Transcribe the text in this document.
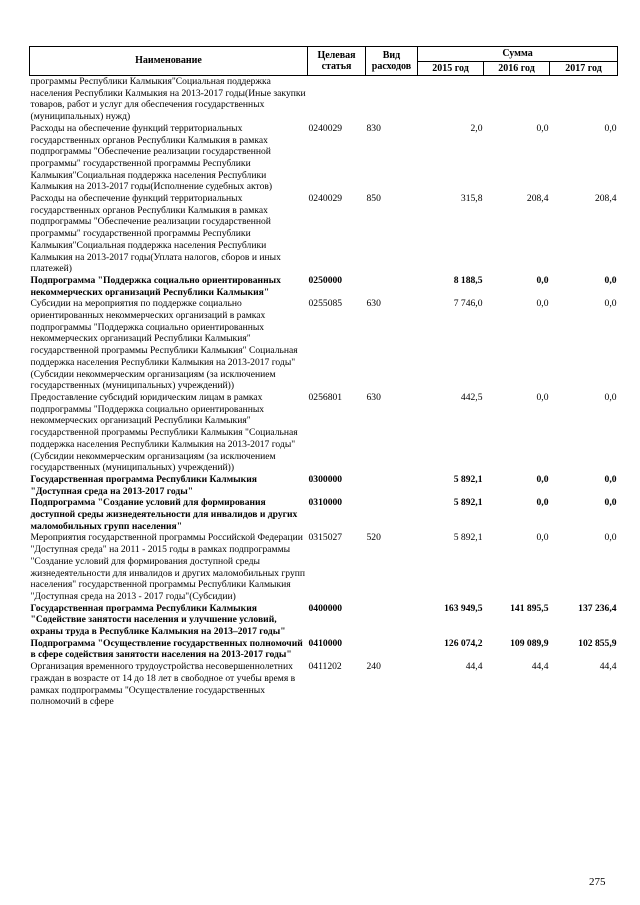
Наименование	Целевая статья	Вид расходов	Сумма		
			2015 год	2016 год	2017 год
программы Республики Калмыкия"Социальная поддержка населения Республики Калмыкия на 2013-2017 годы(Иные закупки товаров, работ и услуг для обеспечения государственных (муниципальных) нужд)					
Расходы на обеспечение функций территориальных государственных органов Республики Калмыкия в рамках подпрограммы "Обеспечение реализации государственной программы" государственной программы Республики Калмыкия"Социальная поддержка населения Республики Калмыкия на 2013-2017 годы(Исполнение судебных актов)	0240029	830	2,0	0,0	0,0
Расходы на обеспечение функций территориальных государственных органов Республики Калмыкия в рамках подпрограммы "Обеспечение реализации государственной программы" государственной программы Республики Калмыкия"Социальная поддержка населения Республики Калмыкия на 2013-2017 годы(Уплата налогов, сборов и иных платежей)	0240029	850	315,8	208,4	208,4
Подпрограмма "Поддержка социально ориентированных некоммерческих организаций Республики Калмыкия"	0250000		8 188,5	0,0	0,0
Субсидии на мероприятия по поддержке социально ориентированных некоммерческих организаций в рамках подпрограммы "Поддержка социально ориентированных некоммерческих организаций Республики Калмыкия" государственной программы Республики Калмыкия" Социальная поддержка населения Республики Калмыкия на 2013-2017 годы"(Субсидии некоммерческим организациям (за исключением государственных (муниципальных) учреждений))	0255085	630	7 746,0	0,0	0,0
Предоставление субсидий юридическим лицам в рамках подпрограммы "Поддержка социально ориентированных некоммерческих организаций Республики Калмыкия" государственной программы Республики Калмыкия "Социальная поддержка населения Республики Калмыкия на 2013-2017 годы"(Субсидии некоммерческим организациям (за исключением государственных (муниципальных) учреждений))	0256801	630	442,5	0,0	0,0
Государственная программа Республики Калмыкия "Доступная среда на 2013-2017 годы"	0300000		5 892,1	0,0	0,0
Подпрограмма "Создание условий для формирования доступной среды жизнедеятельности для инвалидов и других маломобильных групп населения"	0310000		5 892,1	0,0	0,0
Мероприятия государственной программы Российской Федерации "Доступная среда" на 2011 - 2015 годы в рамках подпрограммы "Создание условий для формирования доступной среды жизнедеятельности для инвалидов и других маломобильных групп населения" государственной программы Республики Калмыкия "Доступная среда на 2013 - 2017 годы"(Субсидии)	0315027	520	5 892,1	0,0	0,0
Государственная программа Республики Калмыкия "Содействие занятости населения и улучшение условий, охраны труда в Республике Калмыкия на 2013–2017 годы"	0400000		163 949,5	141 895,5	137 236,4
Подпрограмма "Осуществление государственных полномочий в сфере содействия занятости населения на 2013-2017 годы"	0410000		126 074,2	109 089,9	102 855,9
Организация временного трудоустройства несовершеннолетних граждан в возрасте от 14 до 18 лет в свободное от учебы время в рамках подпрограммы "Осуществление государственных полномочий в сфере	0411202	240	44,4	44,4	44,4
275
